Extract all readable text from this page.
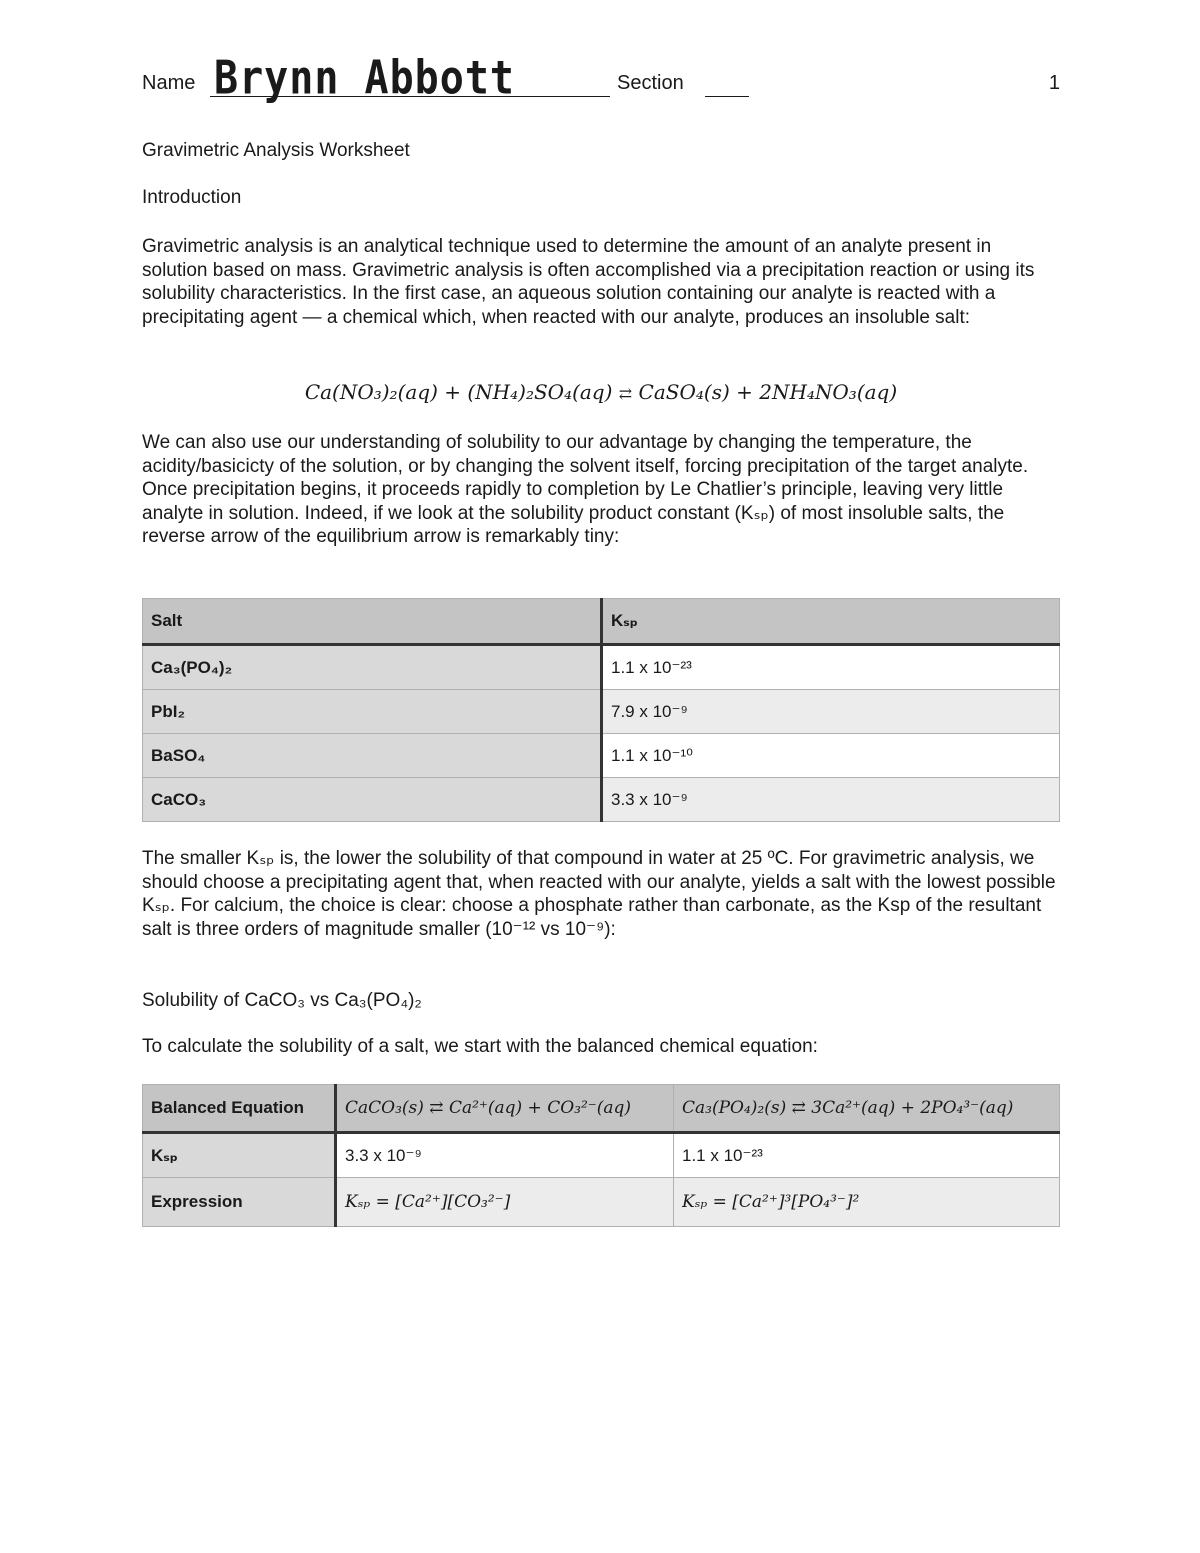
Name Brynn Abbott	Section	1
Gravimetric Analysis Worksheet
Introduction

Gravimetric analysis is an analytical technique used to determine the amount of an analyte present in solution based on mass. Gravimetric analysis is often accomplished via a precipitation reaction or using its solubility characteristics. In the first case, an aqueous solution containing our analyte is reacted with a precipitating agent — a chemical which, when reacted with our analyte, produces an insoluble salt:

Ca(NO₃)₂(aq) + (NH₄)₂SO₄(aq) ⇄ CaSO₄(s) + 2NH₄NO₃(aq)

We can also use our understanding of solubility to our advantage by changing the temperature, the acidity/basicicty of the solution, or by changing the solvent itself, forcing precipitation of the target analyte. Once precipitation begins, it proceeds rapidly to completion by Le Chatlier’s principle, leaving very little analyte in solution. Indeed, if we look at the solubility product constant (Kₛₚ) of most insoluble salts, the reverse arrow of the equilibrium arrow is remarkably tiny:

Salt	Kₛₚ
Ca₃(PO₄)₂	1.1 x 10⁻²³
PbI₂	7.9 x 10⁻⁹
BaSO₄	1.1 x 10⁻¹⁰
CaCO₃	3.3 x 10⁻⁹

The smaller Kₛₚ is, the lower the solubility of that compound in water at 25 ºC. For gravimetric analysis, we should choose a precipitating agent that, when reacted with our analyte, yields a salt with the lowest possible Kₛₚ. For calcium, the choice is clear: choose a phosphate rather than carbonate, as the Ksp of the resultant salt is three orders of magnitude smaller (10⁻¹² vs 10⁻⁹):

Solubility of CaCO₃ vs Ca₃(PO₄)₂
To calculate the solubility of a salt, we start with the balanced chemical equation:
Balanced Equation	CaCO₃(s) ⇄ Ca²⁺(aq) + CO₃²⁻(aq)	Ca₃(PO₄)₂(s) ⇄ 3Ca²⁺(aq) + 2PO₄³⁻(aq)
Kₛₚ	3.3 x 10⁻⁹	1.1 x 10⁻²³
Expression	Kₛₚ = [Ca²⁺][CO₃²⁻]	Kₛₚ = [Ca²⁺]³[PO₄³⁻]²
